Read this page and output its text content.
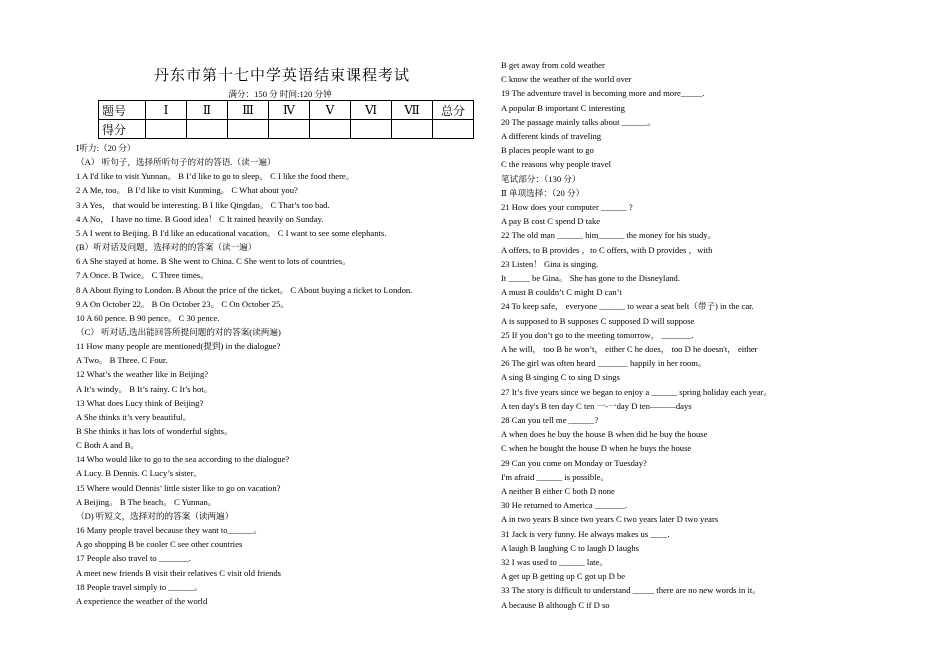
丹东市第十七中学英语结束课程考试
满分：150 分 时间:120 分钟
题号	Ⅰ	Ⅱ	Ⅲ	Ⅳ	Ⅴ	Ⅵ	Ⅶ	总分
得分								
Ⅰ听力:（20 分）
（A） 听句子，选择所听句子的对的答语.（读一遍）
1 A I'd like to visit Yunnan。 B I’d like to go to sleep。 C I like the food there。
2 A Me, too。 B I’d like to visit Kunming。 C What about you?
3 A Yes， that would be interesting. B I like Qingdao。 C That’s too bad.
4 A No， I have no time. B Good idea！ C It rained heavily on Sunday.
5 A I went to Beijing. B I'd like an educational vacation。 C I want to see some elephants.
(B）听对话及问题，选择对的的答案（读一遍）
6 A She stayed at home. B She went to China. C She went to lots of countries。
7 A Once. B Twice。 C Three times。
8 A About flying to London. B About the price of the ticket。 C About buying a ticket to London.
9 A On October 22。 B On October 23。 C On October 25。
10 A 60 pence. B 90 pence。 C 30 pence.
（C） 听对话,选出能回答所提问题的对的答案(读两遍)
11 How many people are mentioned(提到) in the dialogue?
A Two。 B Three. C Four.
12 What’s the weather like in Beijing?
A It’s windy。 B It’s rainy. C It’s hot。
13 What does Lucy think of Beijing?
A She thinks it’s very beautiful。
B She thinks it has lots of wonderful sights。
C Both A and B。
14 Who would like to go to the sea according to the dialogue?
A Lucy. B Dennis. C Lucy’s sister。
15 Where would Dennis’ little sister like to go on vacation?
A Beijing。 B The beach。 C Yunnan。
（D) 听短文，选择对的的答案（读两遍）
16 Many people travel because they want to______。
A go shopping B be cooler C see other countries
17 People also travel to _______.
A meet new friends B visit their relatives C visit old friends
18 People travel simply to ______。
A experience the weather of the world
B get away from cold weather
C know the weather of the world over
19 The adventure travel is becoming more and more_____.
A popular B important C interesting
20 The passage mainly talks about ______。
A different kinds of traveling
B places people want to go
C the reasons why people travel
笔试部分：（130 分）
Ⅱ 单项选择：（20 分）
21 How does your computer ______ ?
A pay B cost C spend D take
22 The old man ______ him______ the money for his study。
A offers, to B provides ，to C offers, with D provides ，with
23 Listen！ Gina is singing.
It _____ be Gina。 She has gone to the Disneyland.
A must B couldn’t C might D can’t
24 To keep safe， everyone ______ to wear a seat belt（带子) in the car.
A is supposed to B supposes C supposed D will suppose
25 If you don’t go to the meeting tomorrow， _______.
A he will， too B he won’t， either C he does， too D he doesn't， either
26 The girl was often heard _______ happily in her room。
A sing B singing C to sing D sings
27 It’s five years since we began to enjoy a ______ spring holiday each year。
A ten day's B ten day C ten 一-一day D ten———days
28 Can you tell me ______?
A when does he buy the house B when did he buy the house
C when he bought the house D when he buys the house
29 Can you come on Monday or Tuesday?
I'm afraid ______ is possible。
A neither B either C both D none
30 He returned to America _______.
A in two years B since two years C two years later D two years
31 Jack is very funny. He always makes us ____.
A laugh B laughing C to laugh D laughs
32 I was used to ______ late。
A get up B getting up C got up D be
33 The story is difficult to understand _____ there are no new words in it。
A because B although C if D so
